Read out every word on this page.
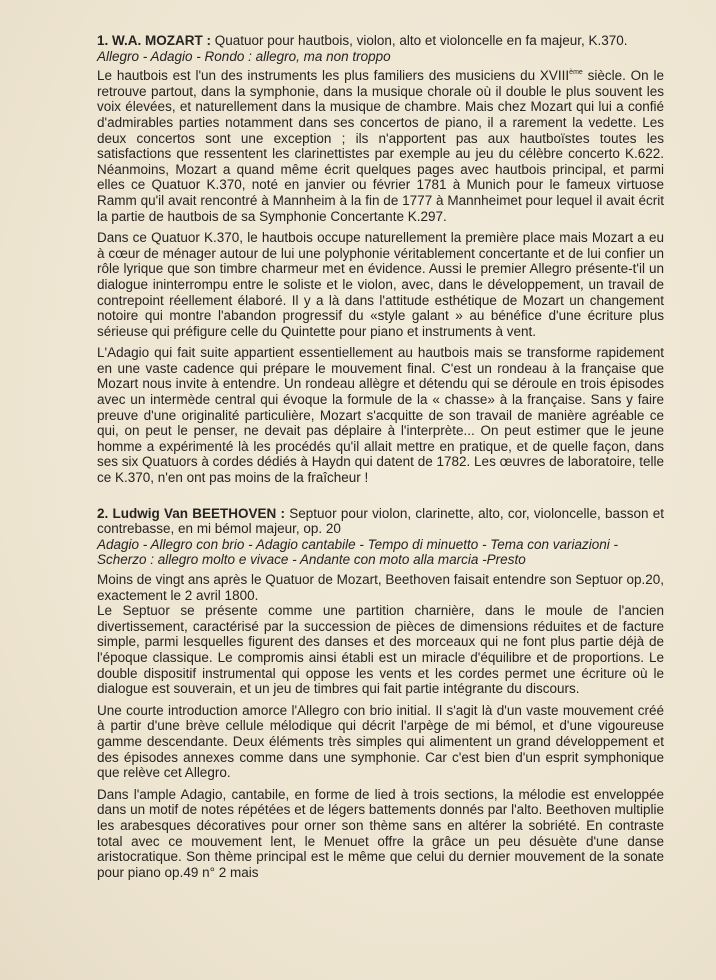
1. W.A. MOZART : Quatuor pour hautbois, violon, alto et violoncelle en fa majeur, K.370.

Allegro - Adagio - Rondo : allegro, ma non troppo

Le hautbois est l'un des instruments les plus familiers des musiciens du XVIIIème siècle. On le retrouve partout, dans la symphonie, dans la musique chorale où il double le plus souvent les voix élevées, et naturellement dans la musique de chambre. Mais chez Mozart qui lui a confié d'admirables parties notamment dans ses concertos de piano, il a rarement la vedette. Les deux concertos sont une exception ; ils n'apportent pas aux hautboïstes toutes les satisfactions que ressentent les clarinettistes par exemple au jeu du célèbre concerto K.622. Néanmoins, Mozart a quand même écrit quelques pages avec hautbois principal, et parmi elles ce Quatuor K.370, noté en janvier ou février 1781 à Munich pour le fameux virtuose Ramm qu'il avait rencontré à Mannheim à la fin de 1777 à Mannheimet pour lequel il avait écrit la partie de hautbois de sa Symphonie Concertante K.297.

Dans ce Quatuor K.370, le hautbois occupe naturellement la première place mais Mozart a eu à cœur de ménager autour de lui une polyphonie véritablement concertante et de lui confier un rôle lyrique que son timbre charmeur met en évidence. Aussi le premier Allegro présente-t'il un dialogue ininterrompu entre le soliste et le violon, avec, dans le développement, un travail de contrepoint réellement élaboré. Il y a là dans l'attitude esthétique de Mozart un changement notoire qui montre l'abandon progressif du «style galant » au bénéfice d'une écriture plus sérieuse qui préfigure celle du Quintette pour piano et instruments à vent.

L'Adagio qui fait suite appartient essentiellement au hautbois mais se transforme rapidement en une vaste cadence qui prépare le mouvement final. C'est un rondeau à la française que Mozart nous invite à entendre. Un rondeau allègre et détendu qui se déroule en trois épisodes avec un intermède central qui évoque la formule de la « chasse» à la française. Sans y faire preuve d'une originalité particulière, Mozart s'acquitte de son travail de manière agréable ce qui, on peut le penser, ne devait pas déplaire à l'interprète... On peut estimer que le jeune homme a expérimenté là les procédés qu'il allait mettre en pratique, et de quelle façon, dans ses six Quatuors à cordes dédiés à Haydn qui datent de 1782. Les œuvres de laboratoire, telle ce K.370, n'en ont pas moins de la fraîcheur !

2. Ludwig Van BEETHOVEN : Septuor pour violon, clarinette, alto, cor, violoncelle, basson et contrebasse, en mi bémol majeur, op. 20

Adagio - Allegro con brio - Adagio cantabile - Tempo di minuetto - Tema con variazioni - Scherzo : allegro molto e vivace - Andante con moto alla marcia -Presto

Moins de vingt ans après le Quatuor de Mozart, Beethoven faisait entendre son Septuor op.20, exactement le 2 avril 1800.

Le Septuor se présente comme une partition charnière, dans le moule de l'ancien divertissement, caractérisé par la succession de pièces de dimensions réduites et de facture simple, parmi lesquelles figurent des danses et des morceaux qui ne font plus partie déjà de l'époque classique. Le compromis ainsi établi est un miracle d'équilibre et de proportions. Le double dispositif instrumental qui oppose les vents et les cordes permet une écriture où le dialogue est souverain, et un jeu de timbres qui fait partie intégrante du discours.

Une courte introduction amorce l'Allegro con brio initial. Il s'agit là d'un vaste mouvement créé à partir d'une brève cellule mélodique qui décrit l'arpège de mi bémol, et d'une vigoureuse gamme descendante. Deux éléments très simples qui alimentent un grand développement et des épisodes annexes comme dans une symphonie. Car c'est bien d'un esprit symphonique que relève cet Allegro.

Dans l'ample Adagio, cantabile, en forme de lied à trois sections, la mélodie est enveloppée dans un motif de notes répétées et de légers battements donnés par l'alto. Beethoven multiplie les arabesques décoratives pour orner son thème sans en altérer la sobriété. En contraste total avec ce mouvement lent, le Menuet offre la grâce un peu désuète d'une danse aristocratique. Son thème principal est le même que celui du dernier mouvement de la sonate pour piano op.49 n° 2 mais
